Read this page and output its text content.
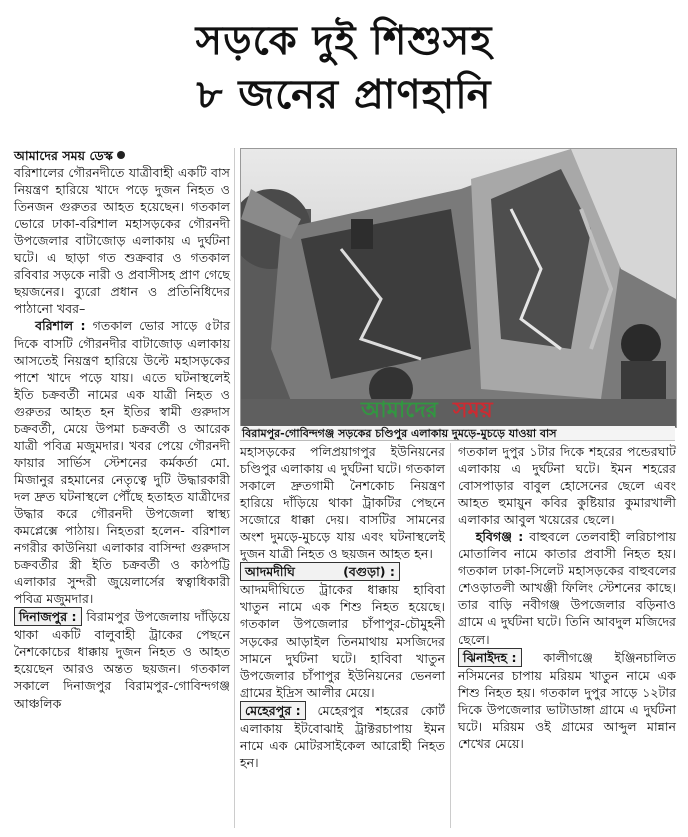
সড়কে দুই শিশুসহ
৮ জনের প্রাণহানি

আমাদের সময় ডেস্ক

বরিশালের গৌরনদীতে যাত্রীবাহী একটি বাস নিয়ন্ত্রণ হারিয়ে খাদে পড়ে দুজন নিহত ও তিনজন গুরুতর আহত হয়েছেন। গতকাল ভোরে ঢাকা-বরিশাল মহাসড়কের গৌরনদী উপজেলার বাটাজোড় এলাকায় এ দুর্ঘটনা ঘটে। এ ছাড়া গত শুক্রবার ও গতকাল রবিবার সড়কে নারী ও প্রবাসীসহ প্রাণ গেছে ছয়জনের। ব্যুরো প্রধান ও প্রতিনিধিদের পাঠানো খবর–

বরিশাল : গতকাল ভোর সাড়ে ৫টার দিকে বাসটি গৌরনদীর বাটাজোড় এলাকায় আসতেই নিয়ন্ত্রণ হারিয়ে উল্টে মহাসড়কের পাশে খাদে পড়ে যায়। এতে ঘটনাস্থলেই ইতি চক্রবর্তী নামের এক যাত্রী নিহত ও গুরুতর আহত হন ইতির স্বামী গুরুদাস চক্রবর্তী, মেয়ে উপমা চক্রবর্তী ও আরেক যাত্রী পবিত্র মজুমদার। খবর পেয়ে গৌরনদী ফায়ার সার্ভিস স্টেশনের কর্মকর্তা মো. মিজানুর রহমানের নেতৃত্বে দুটি উদ্ধারকারী দল দ্রুত ঘটনাস্থলে পৌঁছে হতাহত যাত্রীদের উদ্ধার করে গৌরনদী উপজেলা স্বাস্থ্য কমপ্লেক্সে পাঠায়। নিহতরা হলেন- বরিশাল নগরীর কাউনিয়া এলাকার বাসিন্দা গুরুদাস চক্রবর্তীর স্ত্রী ইতি চক্রবর্তী ও কাঠপট্টি এলাকার সুন্দরী জুয়েলার্সের স্বত্বাধিকারী পবিত্র মজুমদার।

দিনাজপুর : বিরামপুর উপজেলায় দাঁড়িয়ে থাকা একটি বালুবাহী ট্রাকের পেছনে নৈশকোচের ধাক্কায় দুজন নিহত ও আহত হয়েছেন আরও অন্তত ছয়জন। গতকাল সকালে দিনাজপুর বিরামপুর-গোবিন্দগঞ্জ আঞ্চলিক

আমাদের সময়
বিরামপুর-গোবিন্দগঞ্জ সড়কের চণ্ডিপুর এলাকায় দুমড়ে-মুচড়ে যাওয়া বাস

মহাসড়কের পলিপ্রয়াগপুর ইউনিয়নের চণ্ডিপুর এলাকায় এ দুর্ঘটনা ঘটে। গতকাল সকালে দ্রুতগামী নৈশকোচ নিয়ন্ত্রণ হারিয়ে দাঁড়িয়ে থাকা ট্রাকটির পেছনে সজোরে ধাক্কা দেয়। বাসটির সামনের অংশ দুমড়ে-মুচড়ে যায় এবং ঘটনাস্থলেই দুজন যাত্রী নিহত ও ছয়জন আহত হন।

আদমদীঘি	(বগুড়া) : আদমদীঘিতে ট্রাকের ধাক্কায় হাবিবা খাতুন নামে এক শিশু নিহত হয়েছে। গতকাল উপজেলার চাঁপাপুর-চৌমুহনী সড়কের আড়াইল তিনমাথায় মসজিদের সামনে দুর্ঘটনা ঘটে। হাবিবা খাতুন উপজেলার চাঁপাপুর ইউনিয়নের ভেনলা গ্রামের ইদ্রিস আলীর মেয়ে।

মেহেরপুর : মেহেরপুর শহরের কোর্ট এলাকায় ইটবোঝাই ট্রাক্টরচাপায় ইমন নামে এক মোটরসাইকেল আরোহী নিহত হন।

গতকাল দুপুর ১টার দিকে শহরের পন্ডেরঘাট এলাকায় এ দুর্ঘটনা ঘটে। ইমন শহরের বোসপাড়ার বাবুল হোসেনের ছেলে এবং আহত হুমায়ুন কবির কুষ্টিয়ার কুমারখালী এলাকার আবুল খয়েরের ছেলে।

হবিগঞ্জ : বাহুবলে তেলবাহী লরিচাপায় মোতালিব নামে কাতার প্রবাসী নিহত হয়। গতকাল ঢাকা-সিলেট মহাসড়কের বাহুবলের শেওড়াতলী আখঞ্জী ফিলিং স্টেশনের কাছে। তার বাড়ি নবীগঞ্জ উপজেলার বড়িনাও গ্রামে এ দুর্ঘটনা ঘটে। তিনি আবদুল মজিদের ছেলে।

ঝিনাইদহ : কালীগঞ্জে ইঞ্জিনচালিত নসিমনের চাপায় মরিয়ম খাতুন নামে এক শিশু নিহত হয়। গতকাল দুপুর সাড়ে ১২টার দিকে উপজেলার ভাটাডাঙ্গা গ্রামে এ দুর্ঘটনা ঘটে। মরিয়ম ওই গ্রামের আব্দুল মান্নান শেখের মেয়ে।
